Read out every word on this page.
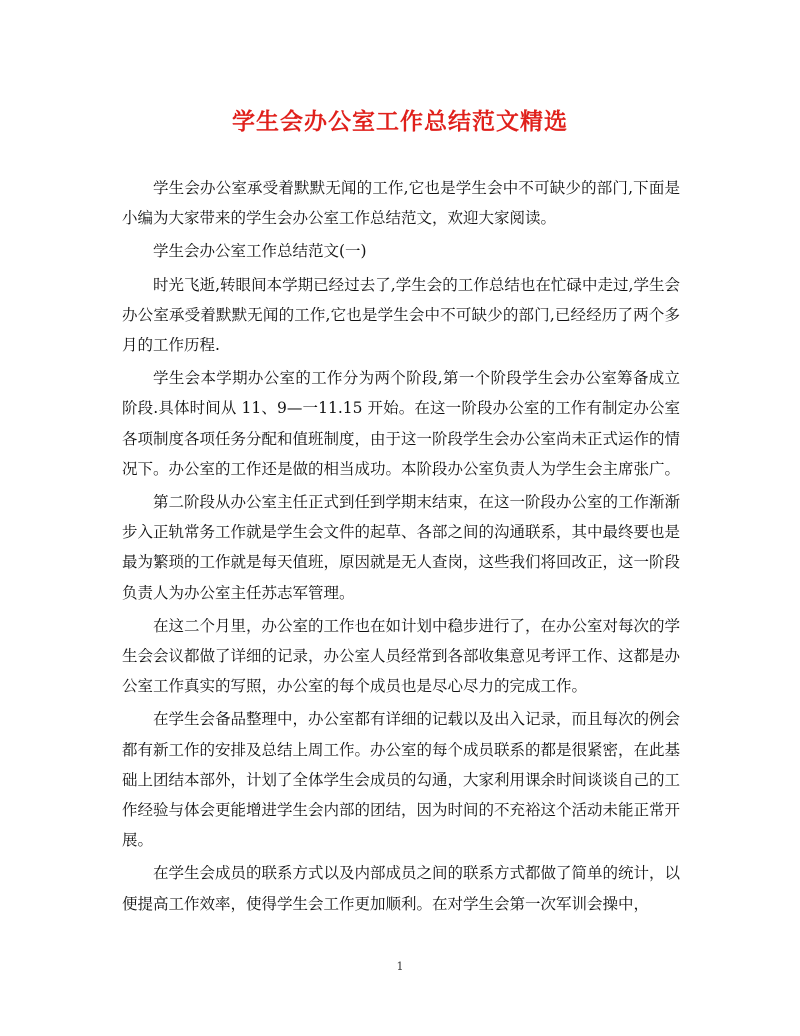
学生会办公室工作总结范文精选

学生会办公室承受着默默无闻的工作,它也是学生会中不可缺少的部门,下面是小编为大家带来的学生会办公室工作总结范文，欢迎大家阅读。

学生会办公室工作总结范文(一)

时光飞逝,转眼间本学期已经过去了,学生会的工作总结也在忙碌中走过,学生会办公室承受着默默无闻的工作,它也是学生会中不可缺少的部门,已经经历了两个多月的工作历程.

学生会本学期办公室的工作分为两个阶段,第一个阶段学生会办公室筹备成立阶段.具体时间从 11、9—一11.15 开始。在这一阶段办公室的工作有制定办公室各项制度各项任务分配和值班制度，由于这一阶段学生会办公室尚未正式运作的情况下。办公室的工作还是做的相当成功。本阶段办公室负责人为学生会主席张广。

第二阶段从办公室主任正式到任到学期末结束，在这一阶段办公室的工作渐渐步入正轨常务工作就是学生会文件的起草、各部之间的沟通联系，其中最终要也是最为繁琐的工作就是每天值班，原因就是无人查岗，这些我们将回改正，这一阶段负责人为办公室主任苏志军管理。

在这二个月里，办公室的工作也在如计划中稳步进行了，在办公室对每次的学生会会议都做了详细的记录，办公室人员经常到各部收集意见考评工作、这都是办公室工作真实的写照，办公室的每个成员也是尽心尽力的完成工作。

在学生会备品整理中，办公室都有详细的记载以及出入记录，而且每次的例会都有新工作的安排及总结上周工作。办公室的每个成员联系的都是很紧密，在此基础上团结本部外，计划了全体学生会成员的勾通，大家利用课余时间谈谈自己的工作经验与体会更能增进学生会内部的团结，因为时间的不充裕这个活动未能正常开展。

在学生会成员的联系方式以及内部成员之间的联系方式都做了简单的统计，以便提高工作效率，使得学生会工作更加顺利。在对学生会第一次军训会操中，

1
